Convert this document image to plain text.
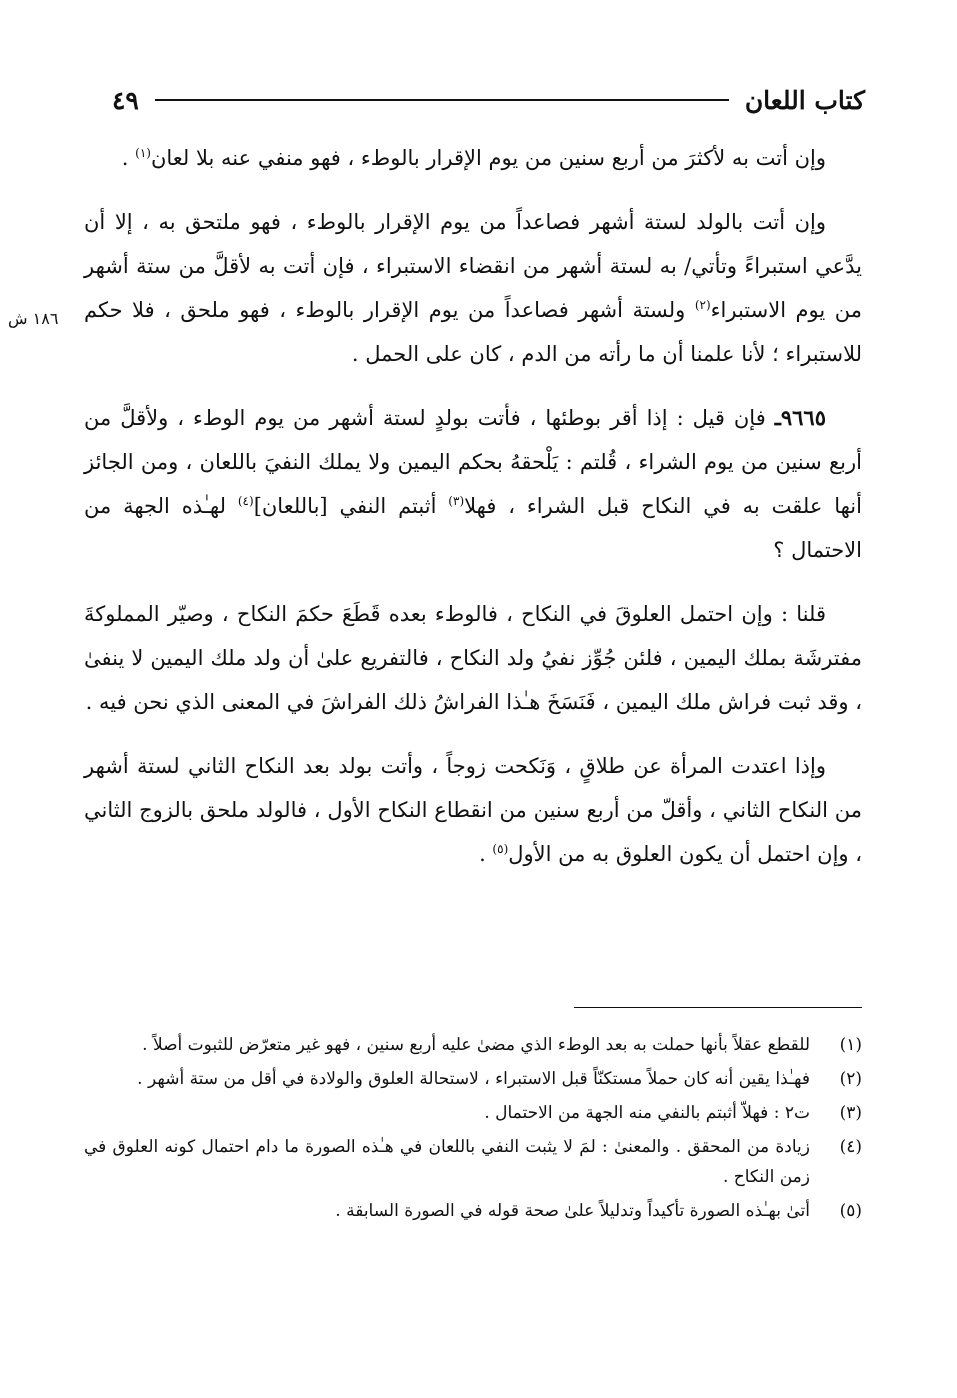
كتاب اللعان
٤٩
١٨٦ ش

وإن أتت به لأكثرَ من أربع سنين من يوم الإقرار بالوطء ، فهو منفي عنه بلا لعان$^{(١)}$ .

وإن أتت بالولد لستة أشهر فصاعداً من يوم الإقرار بالوطء ، فهو ملتحق به ، إلا أن يدَّعي استبراءً وتأتي/ به لستة أشهر من انقضاء الاستبراء ، فإن أتت به لأقلَّ من ستة أشهر من يوم الاستبراء$^{(٢)}$ ولستة أشهر فصاعداً من يوم الإقرار بالوطء ، فهو ملحق ، فلا حكم للاستبراء ؛ لأنا علمنا أن ما رأته من الدم ، كان على الحمل .

٩٦٦٥ـ فإن قيل : إذا أقر بوطئها ، فأتت بولدٍ لستة أشهر من يوم الوطء ، ولأقلَّ من أربع سنين من يوم الشراء ، قُلتم : يَلْحقهُ بحكم اليمين ولا يملك النفيَ باللعان ، ومن الجائز أنها علقت به في النكاح قبل الشراء ، فهلا$^{(٣)}$ أثبتم النفي [باللعان]$^{(٤)}$ لهـٰذه الجهة من الاحتمال ؟

قلنا : وإن احتمل العلوقَ في النكاح ، فالوطء بعده قَطَعَ حكمَ النكاح ، وصيّر المملوكةَ مفترشَة بملك اليمين ، فلئن جُوِّز نفيُ ولد النكاح ، فالتفريع علىٰ أن ولد ملك اليمين لا ينفىٰ ، وقد ثبت فراش ملك اليمين ، فَنَسَخَ هـٰذا الفراشُ ذلك الفراشَ في المعنى الذي نحن فيه .

وإذا اعتدت المرأة عن طلاقٍ ، وَنَكحت زوجاً ، وأتت بولد بعد النكاح الثاني لستة أشهر من النكاح الثاني ، وأقلّ من أربع سنين من انقطاع النكاح الأول ، فالولد ملحق بالزوج الثاني ، وإن احتمل أن يكون العلوق به من الأول$^{(٥)}$ .

(١)
للقطع عقلاً بأنها حملت به بعد الوطء الذي مضىٰ عليه أربع سنين ، فهو غير متعرّض للثبوت أصلاً .
(٢)
فهـٰذا يقين أنه كان حملاً مستكنّاً قبل الاستبراء ، لاستحالة العلوق والولادة في أقل من ستة أشهر .
(٣)
ت٢ : فهلاّ أثبتم بالنفي منه الجهة من الاحتمال .
(٤)
زيادة من المحقق . والمعنىٰ : لمَ لا يثبت النفي باللعان في هـٰذه الصورة ما دام احتمال كونه العلوق في زمن النكاح .
(٥)
أتىٰ بهـٰذه الصورة تأكيداً وتدليلاً علىٰ صحة قوله في الصورة السابقة .
